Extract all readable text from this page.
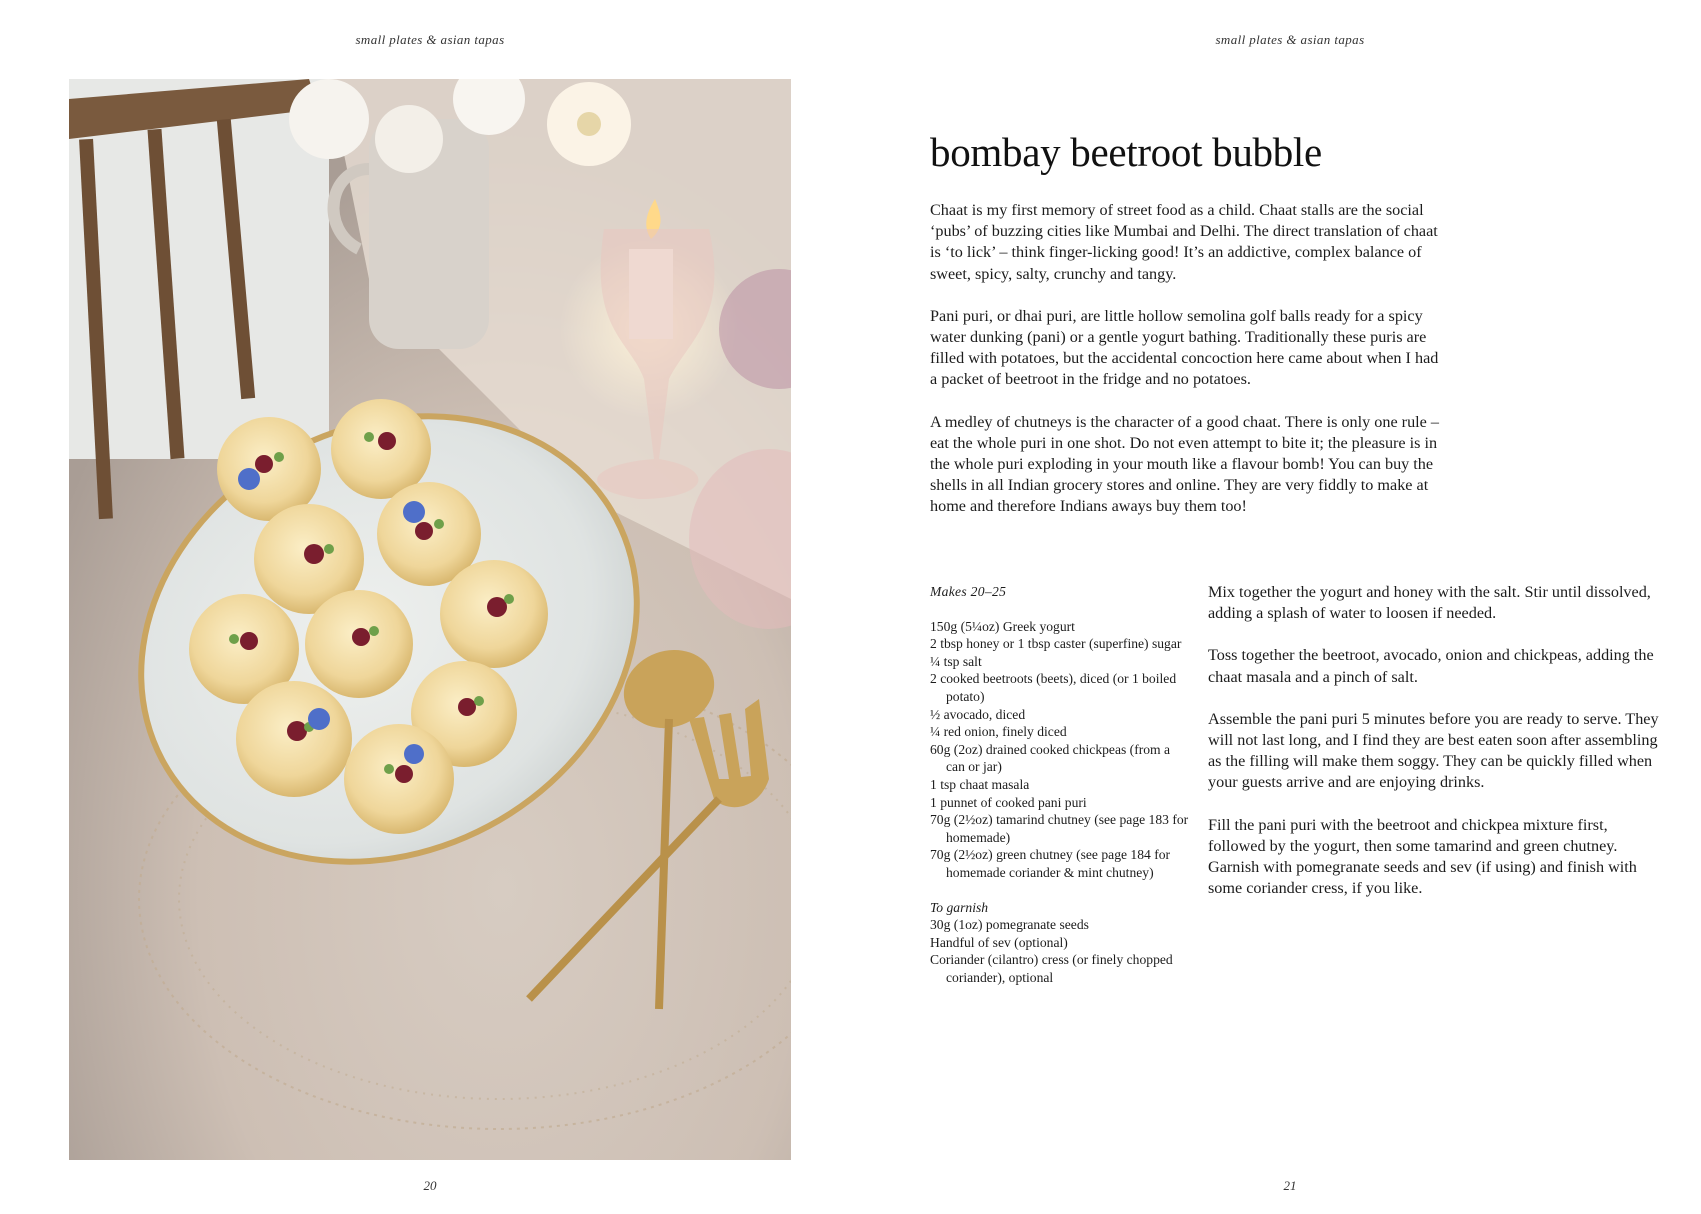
small plates & asian tapas	small plates & asian tapas
bombay beetroot bubble

Chaat is my first memory of street food as a child. Chaat stalls are the social ‘pubs’ of buzzing cities like Mumbai and Delhi. The direct translation of chaat is ‘to lick’ – think finger-licking good! It’s an addictive, complex balance of sweet, spicy, salty, crunchy and tangy.

Pani puri, or dhai puri, are little hollow semolina golf balls ready for a spicy water dunking (pani) or a gentle yogurt bathing. Traditionally these puris are filled with potatoes, but the accidental concoction here came about when I had a packet of beetroot in the fridge and no potatoes.

A medley of chutneys is the character of a good chaat. There is only one rule – eat the whole puri in one shot. Do not even attempt to bite it; the pleasure is in the whole puri exploding in your mouth like a flavour bomb! You can buy the shells in all Indian grocery stores and online. They are very fiddly to make at home and therefore Indians aways buy them too!

Makes 20–25
150g (5¼oz) Greek yogurt
2 tbsp honey or 1 tbsp caster (superfine) sugar
¼ tsp salt
2 cooked beetroots (beets), diced (or 1 boiled potato)
½ avocado, diced
¼ red onion, finely diced
60g (2oz) drained cooked chickpeas (from a can or jar)
1 tsp chaat masala
1 punnet of cooked pani puri
70g (2½oz) tamarind chutney (see page 183 for homemade)
70g (2½oz) green chutney (see page 184 for homemade coriander & mint chutney)
To garnish
30g (1oz) pomegranate seeds
Handful of sev (optional)
Coriander (cilantro) cress (or finely chopped coriander), optional

Mix together the yogurt and honey with the salt. Stir until dissolved, adding a splash of water to loosen if needed.

Toss together the beetroot, avocado, onion and chickpeas, adding the chaat masala and a pinch of salt.

Assemble the pani puri 5 minutes before you are ready to serve. They will not last long, and I find they are best eaten soon after assembling as the filling will make them soggy. They can be quickly filled when your guests arrive and are enjoying drinks.

Fill the pani puri with the beetroot and chickpea mixture first, followed by the yogurt, then some tamarind and green chutney. Garnish with pomegranate seeds and sev (if using) and finish with some coriander cress, if you like.

20	21
